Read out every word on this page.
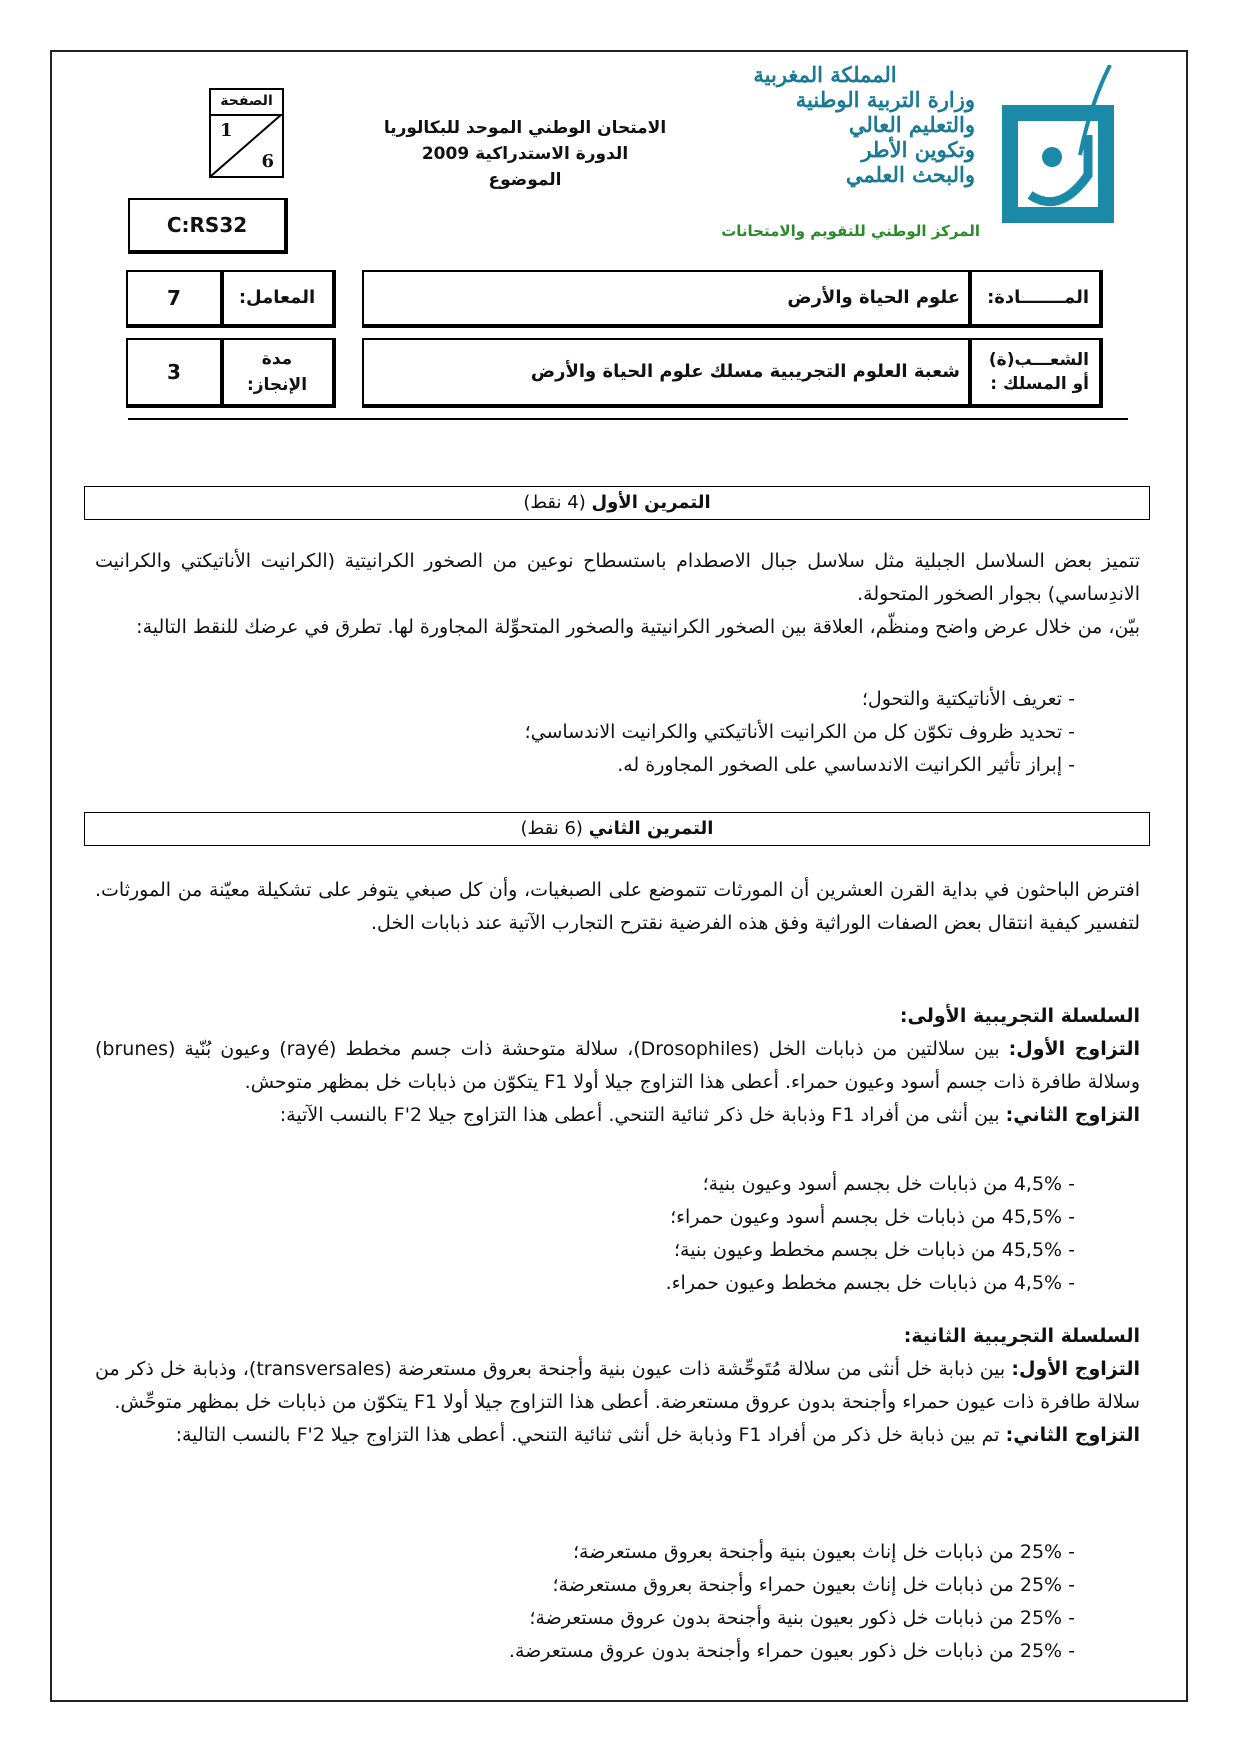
المملكة المغربية
وزارة التربية الوطنية
والتعليم العالي
وتكوين الأطر
والبحث العلمي
المركز الوطني للتقويم والامتحانات
الامتحان الوطني الموحد للبكالوريا
الدورة الاستدراكية 2009
الموضوع
الصفحة
1
6
C:RS32
المـــــــادة:
علوم الحياة والأرض
المعامل:
7
الشعـــب(ة)
أو المسلك :
شعبة العلوم التجريبية مسلك علوم الحياة والأرض
مدة
الإنجاز:
3
التمرين الأول (4 نقط)

تتميز بعض السلاسل الجبلية مثل سلاسل جبال الاصطدام باستسطاح نوعين من الصخور الكرانيتية (الكرانيت الأناتيكتي والكرانيت الاندِساسي) بجوار الصخور المتحولة.

بيّن، من خلال عرض واضح ومنظّم، العلاقة بين الصخور الكرانيتية والصخور المتحوِّلة المجاورة لها. تطرق في عرضك للنقط التالية:

- تعريف الأناتيكتية والتحول؛
- تحديد ظروف تكوّن كل من الكرانيت الأناتيكتي والكرانيت الاندساسي؛
- إبراز تأثير الكرانيت الاندساسي على الصخور المجاورة له.
التمرين الثاني (6 نقط)
افترض الباحثون في بداية القرن العشرين أن المورثات تتموضع على الصبغيات، وأن كل صبغي يتوفر على تشكيلة معيّنة من المورثات. لتفسير كيفية انتقال بعض الصفات الوراثية وفق هذه الفرضية نقترح التجارب الآتية عند ذبابات الخل.

السلسلة التجريبية الأولى:

التزاوج الأول: بين سلالتين من ذبابات الخل (Drosophiles)، سلالة متوحشة ذات جسم مخطط (rayé) وعيون بُنّية (brunes) وسلالة طافرة ذات جسم أسود وعيون حمراء. أعطى هذا التزاوج جيلا أولا F1 يتكوّن من ذبابات خل بمظهر متوحش.

التزاوج الثاني: بين أنثى من أفراد F1 وذبابة خل ذكر ثنائية التنحي. أعطى هذا التزاوج جيلا F'2 بالنسب الآتية:

- 4,5% من ذبابات خل بجسم أسود وعيون بنية؛
- 45,5% من ذبابات خل بجسم أسود وعيون حمراء؛
- 45,5% من ذبابات خل بجسم مخطط وعيون بنية؛
- 4,5% من ذبابات خل بجسم مخطط وعيون حمراء.

السلسلة التجريبية الثانية:

التزاوج الأول: بين ذبابة خل أنثى من سلالة مُتَوحِّشة ذات عيون بنية وأجنحة بعروق مستعرضة (transversales)، وذبابة خل ذكر من سلالة طافرة ذات عيون حمراء وأجنحة بدون عروق مستعرضة. أعطى هذا التزاوج جيلا أولا F1 يتكوّن من ذبابات خل بمظهر متوحِّش.

التزاوج الثاني: تم بين ذبابة خل ذكر من أفراد F1 وذبابة خل أنثى ثنائية التنحي. أعطى هذا التزاوج جيلا F'2 بالنسب التالية:

- 25% من ذبابات خل إناث بعيون بنية وأجنحة بعروق مستعرضة؛
- 25% من ذبابات خل إناث بعيون حمراء وأجنحة بعروق مستعرضة؛
- 25% من ذبابات خل ذكور بعيون بنية وأجنحة بدون عروق مستعرضة؛
- 25% من ذبابات خل ذكور بعيون حمراء وأجنحة بدون عروق مستعرضة.
